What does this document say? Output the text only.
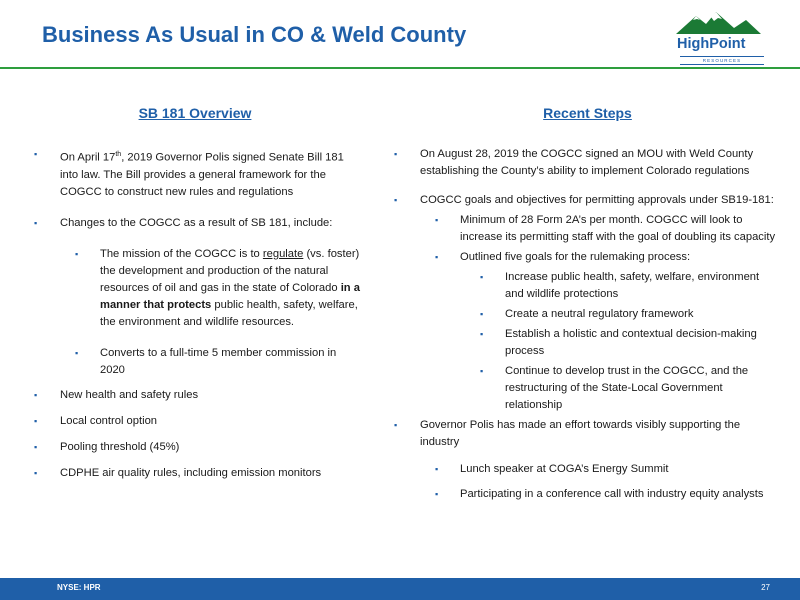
Business As Usual in CO & Weld County	HighPoint
RESOURCES
SB 181 Overview
▪ On April 17th, 2019 Governor Polis signed Senate Bill 181 into law. The Bill provides a general framework for the COGCC to construct new rules and regulations
▪ Changes to the COGCC as a result of SB 181, include:
▪ The mission of the COGCC is to regulate (vs. foster) the development and production of the natural resources of oil and gas in the state of Colorado in a manner that protects public health, safety, welfare, the environment and wildlife resources.
▪ Converts to a full-time 5 member commission in 2020
▪ New health and safety rules
▪ Local control option
▪ Pooling threshold (45%)
▪ CDPHE air quality rules, including emission monitors
Recent Steps
▪ On August 28, 2019 the COGCC signed an MOU with Weld County establishing the County’s ability to implement Colorado regulations
▪ COGCC goals and objectives for permitting approvals under SB19-181:
▪ Minimum of 28 Form 2A’s per month. COGCC will look to increase its permitting staff with the goal of doubling its capacity
▪ Outlined five goals for the rulemaking process:
▪ Increase public health, safety, welfare, environment and wildlife protections
▪ Create a neutral regulatory framework
▪ Establish a holistic and contextual decision-making process
▪ Continue to develop trust in the COGCC, and the restructuring of the State-Local Government relationship
▪ Governor Polis has made an effort towards visibly supporting the industry
▪ Lunch speaker at COGA’s Energy Summit
▪ Participating in a conference call with industry equity analysts
NYSE: HPR	27
